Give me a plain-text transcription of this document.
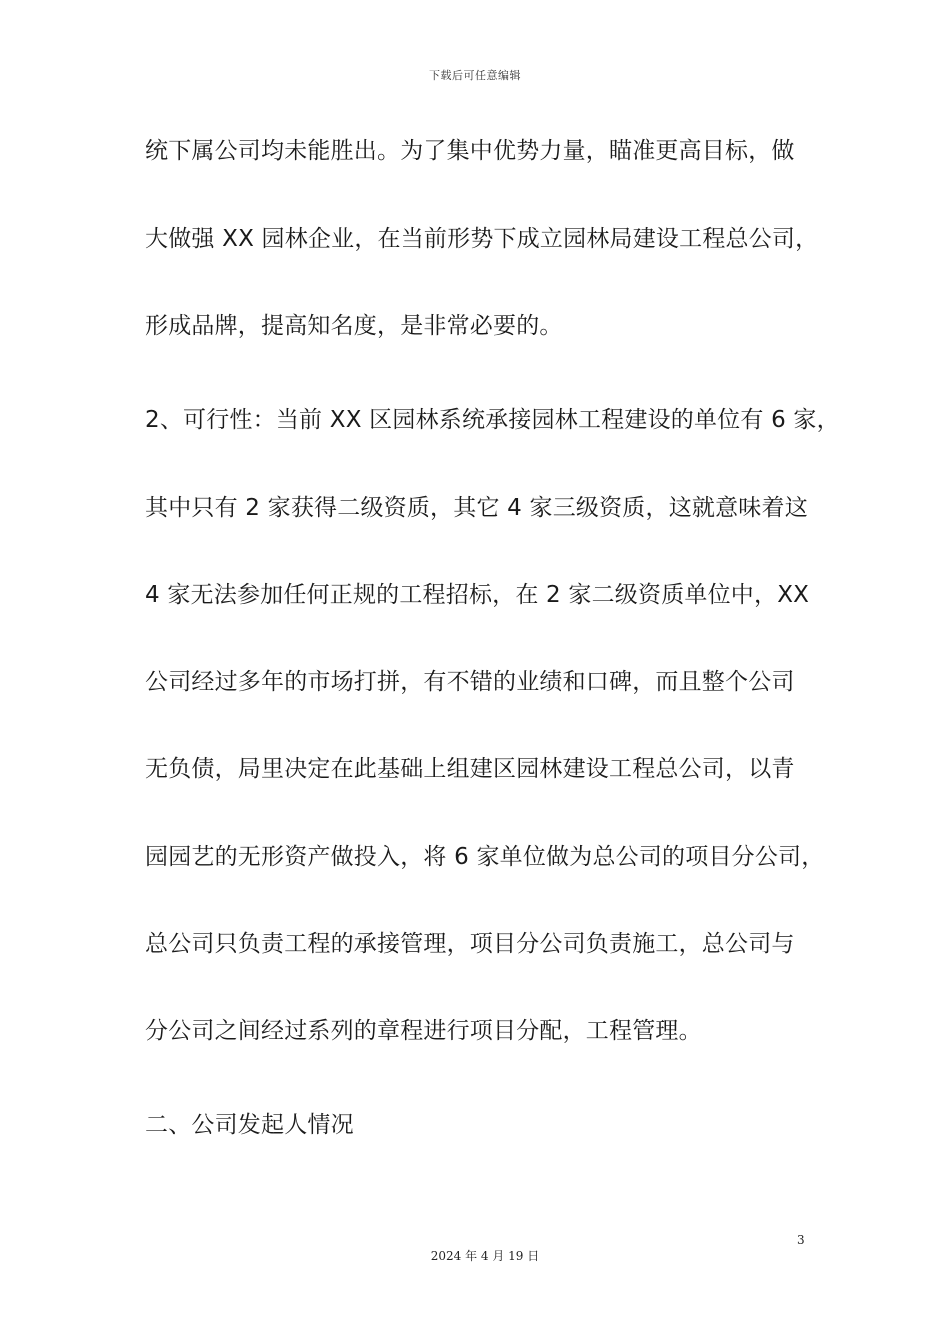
下载后可任意编辑
统下属公司均未能胜出。为了集中优势力量，瞄准更高目标，做
大做强 XX 园林企业，在当前形势下成立园林局建设工程总公司，
形成品牌，提高知名度，是非常必要的。
2、可行性：当前 XX 区园林系统承接园林工程建设的单位有 6 家，
其中只有 2 家获得二级资质，其它 4 家三级资质，这就意味着这
4 家无法参加任何正规的工程招标，在 2 家二级资质单位中，XX
公司经过多年的市场打拼，有不错的业绩和口碑，而且整个公司
无负债，局里决定在此基础上组建区园林建设工程总公司，以青
园园艺的无形资产做投入，将 6 家单位做为总公司的项目分公司，
总公司只负责工程的承接管理，项目分公司负责施工，总公司与
分公司之间经过系列的章程进行项目分配，工程管理。
二、公司发起人情况
3
2024 年 4 月 19 日
